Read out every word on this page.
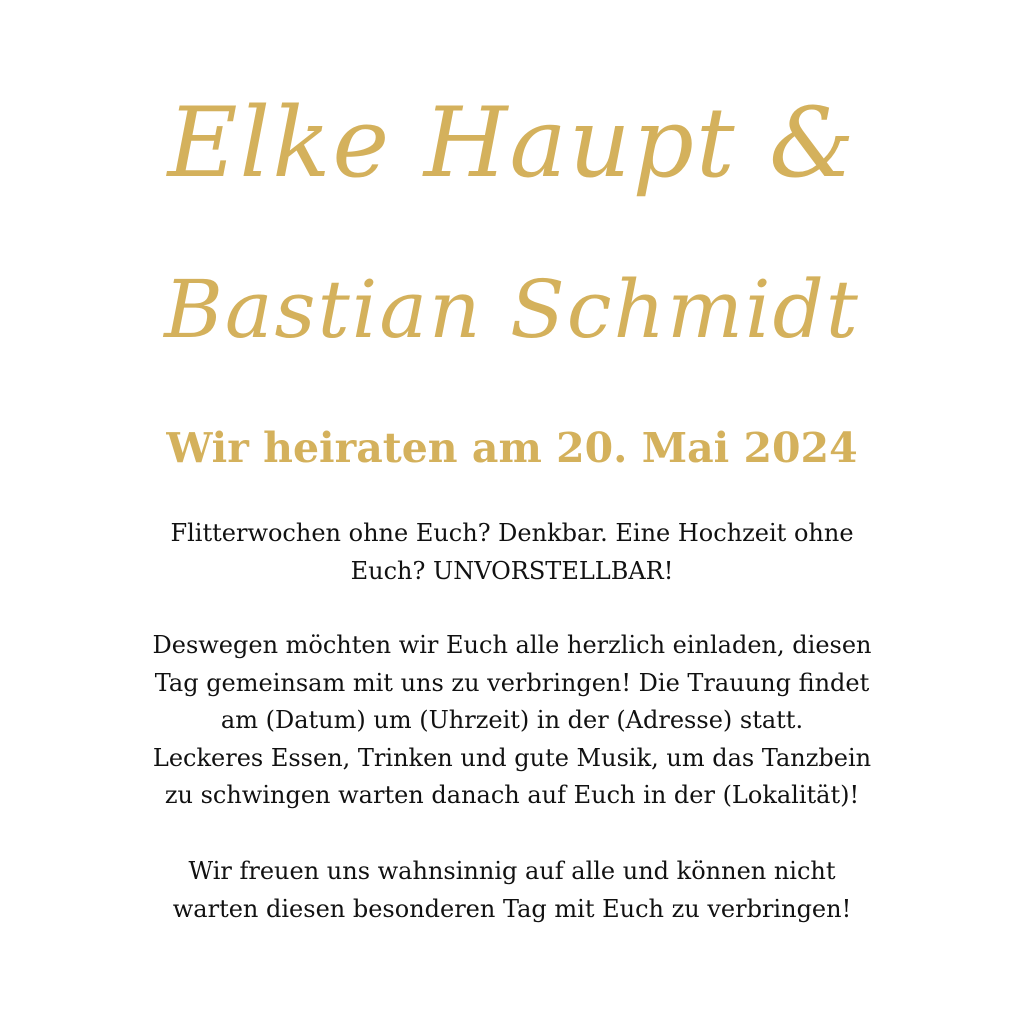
Elke Haupt &
Bastian Schmidt
Wir heiraten am 20. Mai 2024
Flitterwochen ohne Euch? Denkbar. Eine Hochzeit ohne
Euch? UNVORSTELLBAR!
Deswegen möchten wir Euch alle herzlich einladen, diesen
Tag gemeinsam mit uns zu verbringen! Die Trauung findet
am (Datum) um (Uhrzeit) in der (Adresse) statt.
Leckeres Essen, Trinken und gute Musik, um das Tanzbein
zu schwingen warten danach auf Euch in der (Lokalität)!
Wir freuen uns wahnsinnig auf alle und können nicht
warten diesen besonderen Tag mit Euch zu verbringen!
